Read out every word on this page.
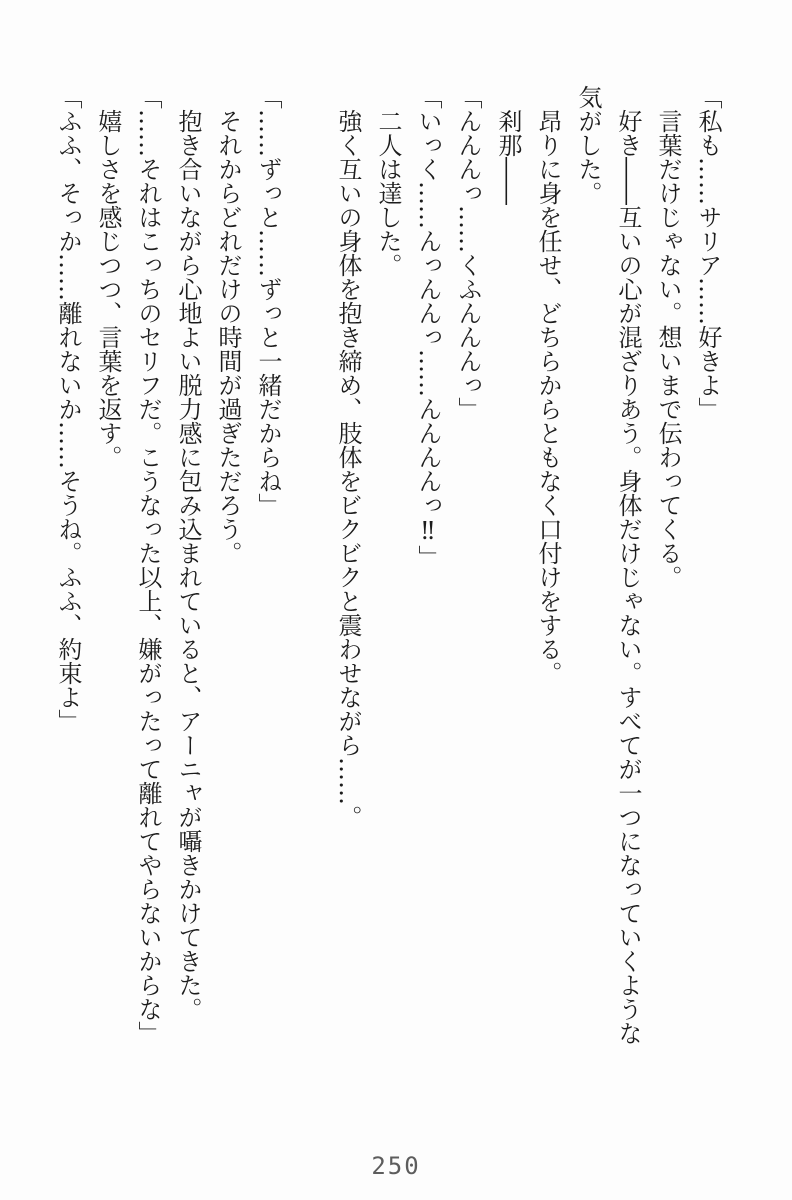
「私も……サリア……好きよ」

言葉だけじゃない。想いまで伝わってくる。

好き――互いの心が混ざりあう。身体だけじゃない。すべてが一つになっていくような気がした。

昂りに身を任せ、どちらからともなく口付けをする。

刹那――

「んんんっ……くふんんんっ」

「いっく……んっんんっ……んんんんっ‼」

二人は達した。

強く互いの身体を抱き締め、肢体をビクビクと震わせながら……。

「……ずっと……ずっと一緒だからね」

それからどれだけの時間が過ぎただろう。

抱き合いながら心地よい脱力感に包み込まれていると、アーニャが囁きかけてきた。

「……それはこっちのセリフだ。こうなった以上、嫌がったって離れてやらないからな」

嬉しさを感じつつ、言葉を返す。

「ふふ、そっか……離れないか……そうね。ふふ、約束よ」

250
